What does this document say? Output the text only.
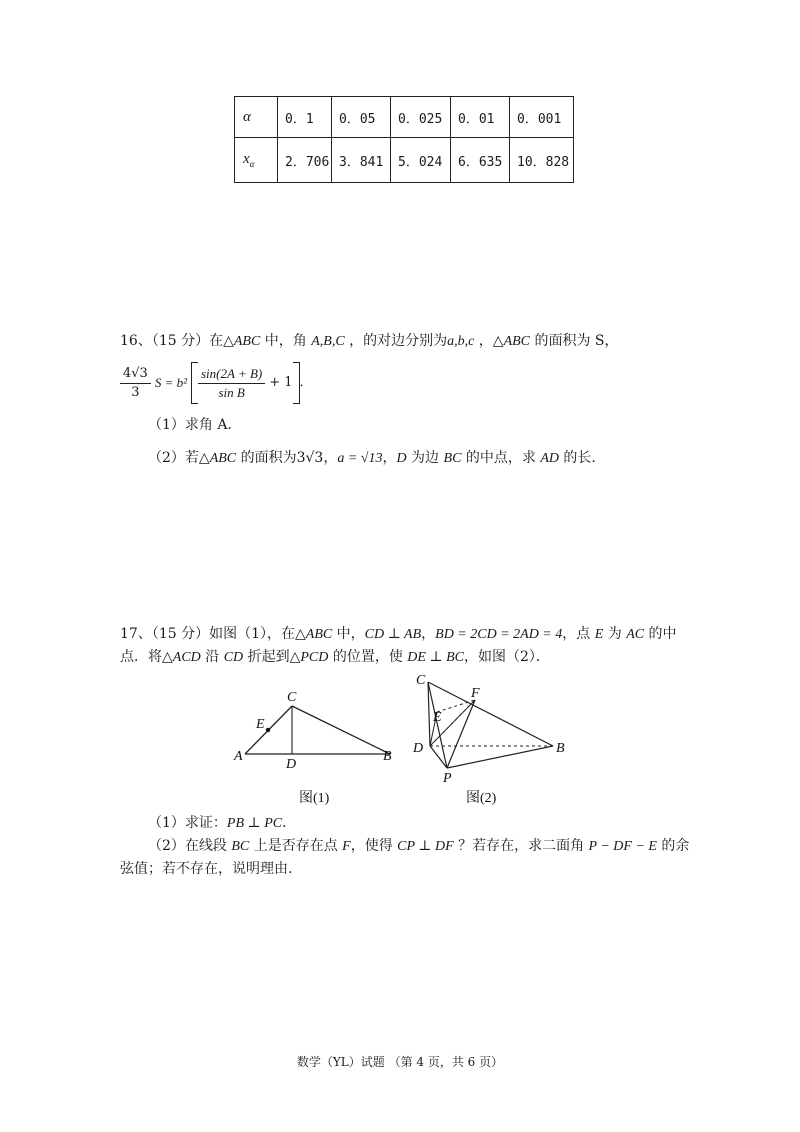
α	0．1	0．05	0．025	0．01	0．001
$x_\alpha$	2．706	3．841	5．024	6．635	10．828
16、（15 分）在△ABC 中，角 A,B,C ，的对边分别为a,b,c ，△ABC 的面积为 S，
$\frac{4√3}{3}$ $S = b^2 \frac{\sin(2A + B)}{\text{sin B}} + 1$ ．
（1）求角 A．
（2）若△ABC 的面积为3√3，a = √13，D 为边 BC 的中点，求 AD 的长.
17、（15 分）如图（1），在△ABC 中，CD ⊥ AB，BD = 2CD = 2AD = 4，点 E 为 AC 的中
点．将△ACD 沿 CD 折起到△PCD 的位置，使 DE ⊥ BC，如图（2）．
C
E
A
D
B
图(1)
C
F
E
D	B
P
图(2)
（1）求证：PB ⊥ PC．
（2）在线段 BC 上是否存在点 F，使得 CP ⊥ DF ？若存在，求二面角 P − DF − E 的余
弦值；若不存在，说明理由.
数学（YL）试题 （第 4 页，共 6 页）
